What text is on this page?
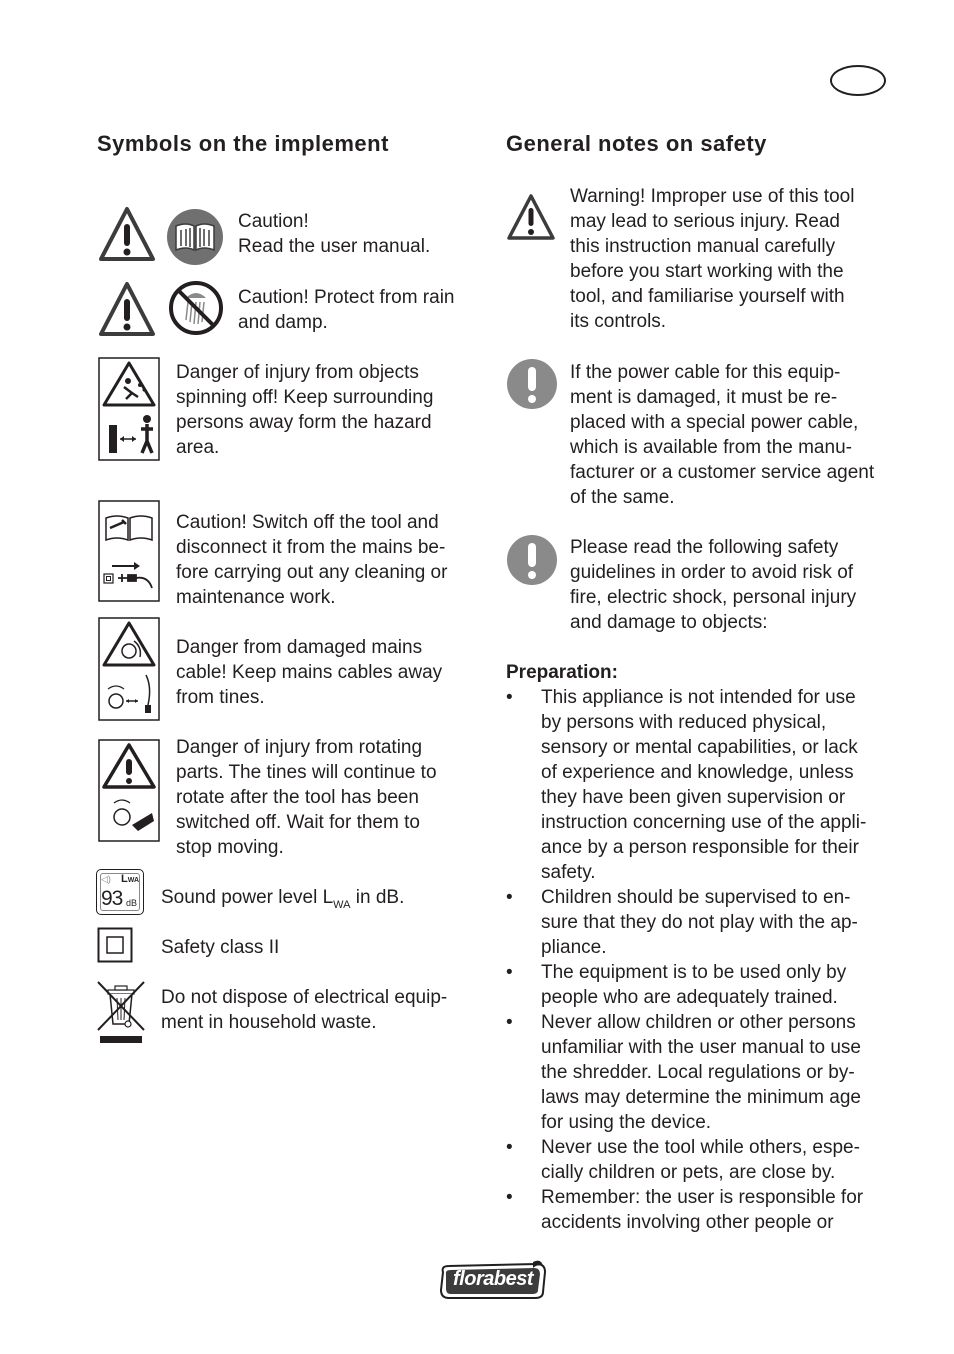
Symbols on the implement

Caution!
Read the user manual.

Caution! Protect from rain
and damp.

Danger of injury from objects
spinning off! Keep surrounding
persons away form the hazard
area.

Caution! Switch off the tool and
disconnect it from the mains be-
fore carrying out any cleaning or
maintenance work.

Danger from damaged mains
cable! Keep mains cables away
from tines.

Danger of injury from rotating
parts. The tines will continue to
rotate after the tool has been
switched off. Wait for them to
stop moving.

◁) LWA
93 dB Sound power level $L_{WA}$ in dB.

Safety class II

Do not dispose of electrical equip-
ment in household waste.

General notes on safety

Warning! Improper use of this tool
may lead to serious injury. Read
this instruction manual carefully
before you start working with the
tool, and familiarise yourself with
its controls.

If the power cable for this equip-
ment is damaged, it must be re-
placed with a special power cable,
which is available from the manu-
facturer or a customer service agent
of the same.

Please read the following safety
guidelines in order to avoid risk of
fire, electric shock, personal injury
and damage to objects:

Preparation:

•	This appliance is not intended for use
by persons with reduced physical,
sensory or mental capabilities, or lack
of experience and knowledge, unless
they have been given supervision or
instruction concerning use of the appli-
ance by a person responsible for their
safety.
•	Children should be supervised to en-
sure that they do not play with the ap-
pliance.
•	The equipment is to be used only by
people who are adequately trained.
•	Never allow children or other persons
unfamiliar with the user manual to use
the shredder. Local regulations or by-
laws may determine the minimum age
for using the device.
•	Never use the tool while others, espe-
cially children or pets, are close by.
•	Remember: the user is responsible for
accidents involving other people or
florabest
